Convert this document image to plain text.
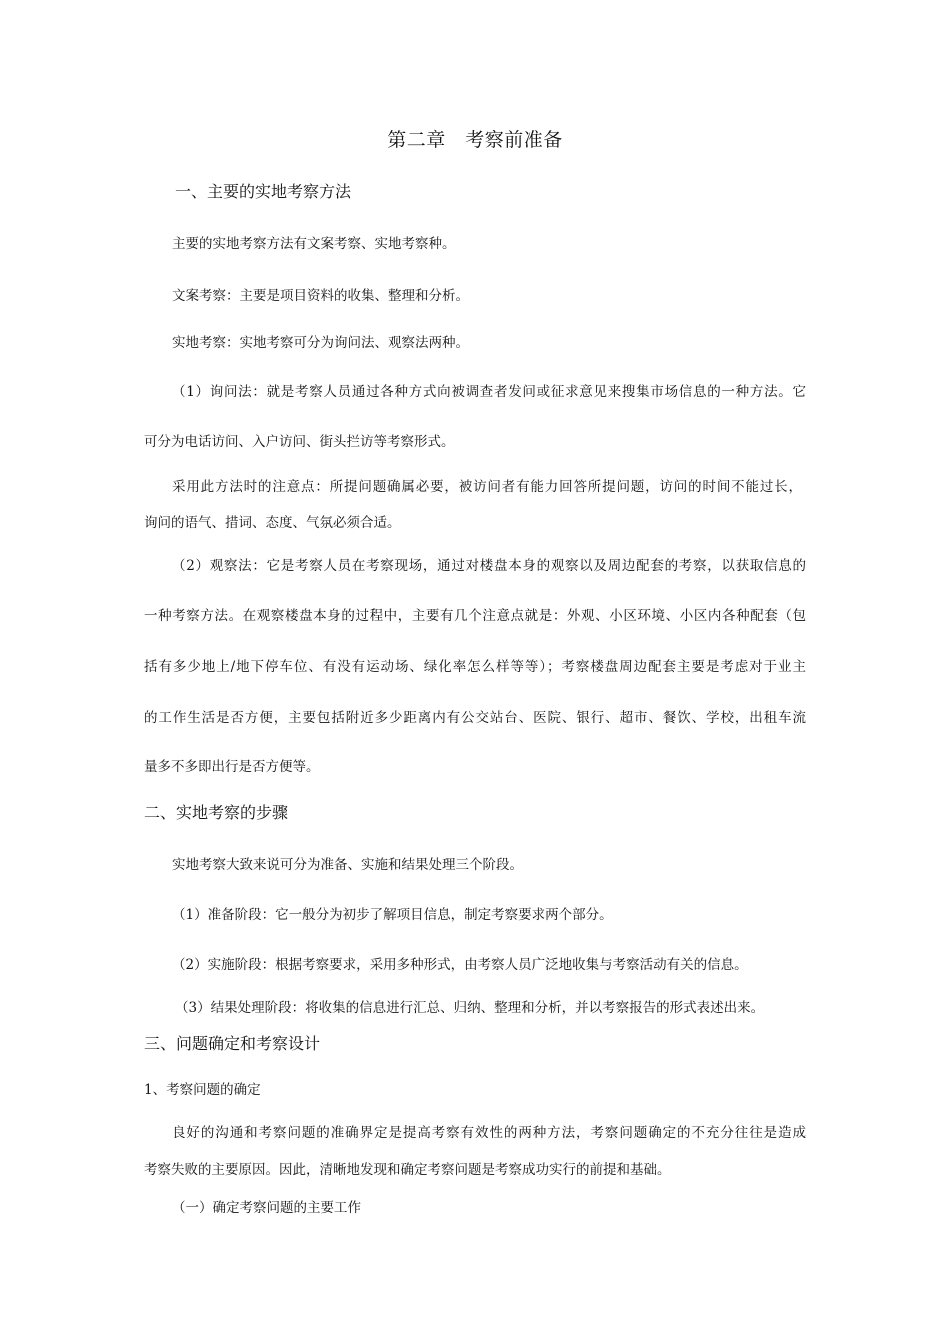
第二章　考察前准备
一、主要的实地考察方法
主要的实地考察方法有文案考察、实地考察种。
文案考察：主要是项目资料的收集、整理和分析。
实地考察：实地考察可分为询问法、观察法两种。
（1）询问法：就是考察人员通过各种方式向被调查者发问或征求意见来搜集市场信息的一种方法。它
可分为电话访问、入户访问、街头拦访等考察形式。
采用此方法时的注意点：所提问题确属必要，被访问者有能力回答所提问题，访问的时间不能过长，
询问的语气、措词、态度、气氛必须合适。
（2）观察法：它是考察人员在考察现场，通过对楼盘本身的观察以及周边配套的考察，以获取信息的
一种考察方法。在观察楼盘本身的过程中，主要有几个注意点就是：外观、小区环境、小区内各种配套（包
括有多少地上/地下停车位、有没有运动场、绿化率怎么样等等）；考察楼盘周边配套主要是考虑对于业主
的工作生活是否方便，主要包括附近多少距离内有公交站台、医院、银行、超市、餐饮、学校，出租车流
量多不多即出行是否方便等。
二、实地考察的步骤
实地考察大致来说可分为准备、实施和结果处理三个阶段。
（1）准备阶段：它一般分为初步了解项目信息，制定考察要求两个部分。
（2）实施阶段：根据考察要求，采用多种形式，由考察人员广泛地收集与考察活动有关的信息。
（3）结果处理阶段：将收集的信息进行汇总、归纳、整理和分析，并以考察报告的形式表述出来。
三、问题确定和考察设计
1、考察问题的确定
良好的沟通和考察问题的准确界定是提高考察有效性的两种方法，考察问题确定的不充分往往是造成
考察失败的主要原因。因此，清晰地发现和确定考察问题是考察成功实行的前提和基础。
（一）确定考察问题的主要工作
